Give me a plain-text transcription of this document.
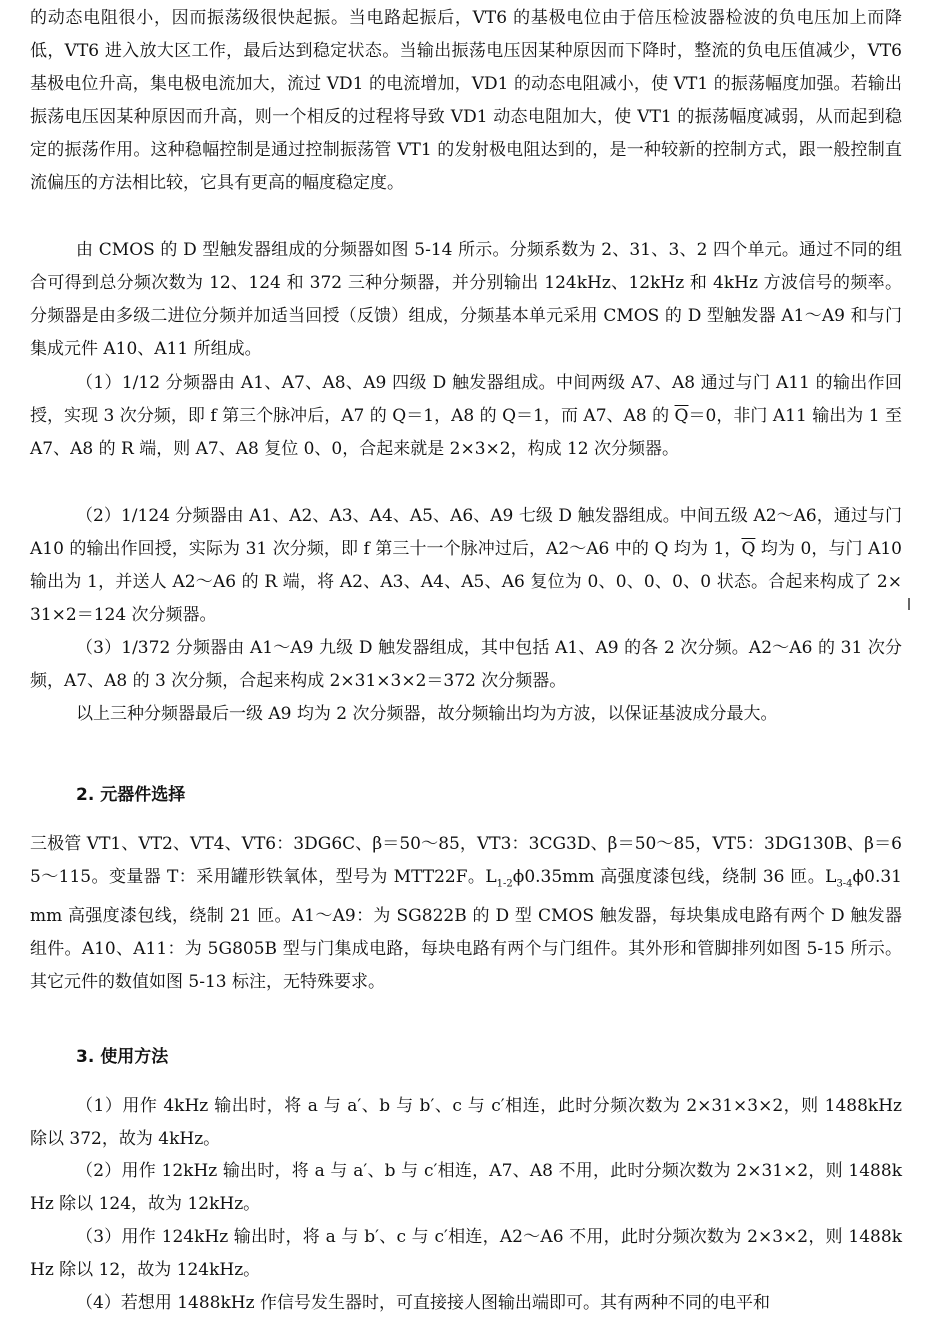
的动态电阻很小，因而振荡级很快起振。当电路起振后，VT6 的基极电位由于倍压检波器检波的负电压加上而降低，VT6 进入放大区工作，最后达到稳定状态。当输出振荡电压因某种原因而下降时，整流的负电压值减少，VT6 基极电位升高，集电极电流加大，流过 VD1 的电流增加，VD1 的动态电阻减小，使 VT1 的振荡幅度加强。若输出振荡电压因某种原因而升高，则一个相反的过程将导致 VD1 动态电阻加大，使 VT1 的振荡幅度减弱，从而起到稳定的振荡作用。这种稳幅控制是通过控制振荡管 VT1 的发射极电阻达到的，是一种较新的控制方式，跟一般控制直流偏压的方法相比较，它具有更高的幅度稳定度。

由 CMOS 的 D 型触发器组成的分频器如图 5-14 所示。分频系数为 2、31、3、2 四个单元。通过不同的组合可得到总分频次数为 12、124 和 372 三种分频器，并分别输出 124kHz、12kHz 和 4kHz 方波信号的频率。分频器是由多级二进位分频并加适当回授（反馈）组成，分频基本单元采用 CMOS 的 D 型触发器 A1～A9 和与门集成元件 A10、A11 所组成。

（1）1/12 分频器由 A1、A7、A8、A9 四级 D 触发器组成。中间两级 A7、A8 通过与门 A11 的输出作回授，实现 3 次分频，即 f 第三个脉冲后，A7 的 Q＝1，A8 的 Q＝1，而 A7、A8 的 $\overline{Q}=0$，非门 A11 输出为 1 至 A7、A8 的 R 端，则 A7、A8 复位 0、0，合起来就是 2×3×2，构成 12 次分频器。

（2）1/124 分频器由 A1、A2、A3、A4、A5、A6、A9 七级 D 触发器组成。中间五级 A2～A6，通过与门 A10 的输出作回授，实际为 31 次分频，即 f 第三十一个脉冲过后，A2～A6 中的 Q 均为 1，$\overline{Q}$ 均为 0，与门 A10 输出为 1，并送人 A2～A6 的 R 端，将 A2、A3、A4、A5、A6 复位为 0、0、0、0、0 状态。合起来构成了 2×31×2＝124 次分频器。

（3）1/372 分频器由 A1～A9 九级 D 触发器组成，其中包括 A1、A9 的各 2 次分频。A2～A6 的 31 次分频，A7、A8 的 3 次分频，合起来构成 2×31×3×2＝372 次分频器。

以上三种分频器最后一级 A9 均为 2 次分频器，故分频输出均为方波，以保证基波成分最大。

2. 元器件选择

三极管 VT1、VT2、VT4、VT6：3DG6C、β＝50～85，VT3：3CG3D、β＝50～85，VT5：3DG130B、β＝65～115。变量器 T：采用罐形铁氧体，型号为 MTT22F。$L_{1-2}\phi 0.35mm$ 高强度漆包线，绕制 36 匝。$L_{3-4}\phi 0.31mm$ 高强度漆包线，绕制 21 匝。A1～A9：为 SG822B 的 D 型 CMOS 触发器，每块集成电路有两个 D 触发器组件。A10、A11：为 5G805B 型与门集成电路，每块电路有两个与门组件。其外形和管脚排列如图 5-15 所示。其它元件的数值如图 5-13 标注，无特殊要求。

3. 使用方法

（1）用作 4kHz 输出时，将 a 与 a′、b 与 b′、c 与 c′相连，此时分频次数为 2×31×3×2，则 1488kHz 除以 372，故为 4kHz。

（2）用作 12kHz 输出时，将 a 与 a′、b 与 c′相连，A7、A8 不用，此时分频次数为 2×31×2，则 1488kHz 除以 124，故为 12kHz。

（3）用作 124kHz 输出时，将 a 与 b′、c 与 c′相连，A2～A6 不用，此时分频次数为 2×3×2，则 1488kHz 除以 12，故为 124kHz。

（4）若想用 1488kHz 作信号发生器时，可直接接人图输出端即可。其有两种不同的电平和
